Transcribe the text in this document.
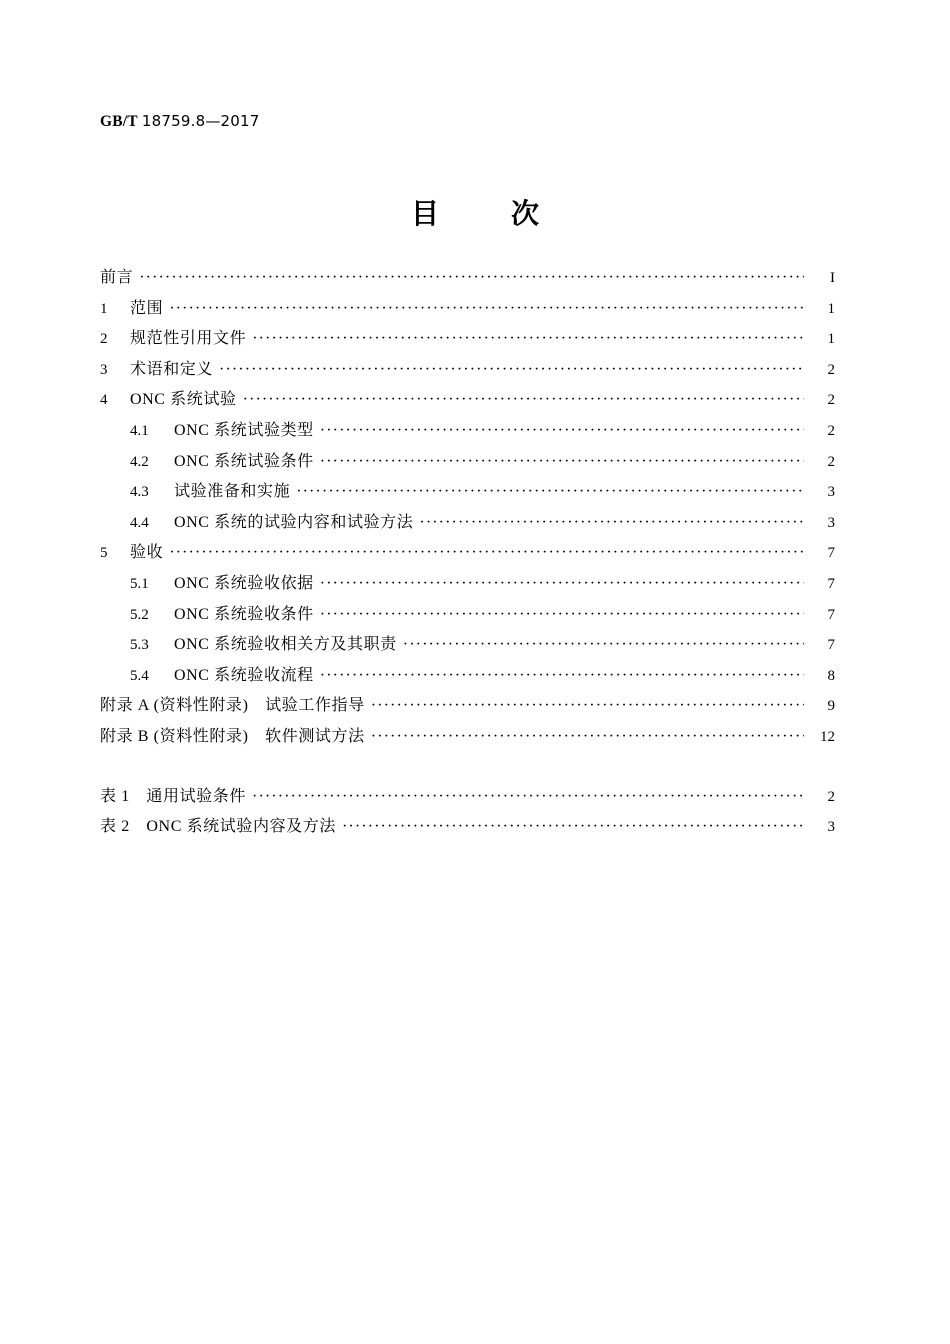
GB/T 18759.8—2017
目　次
前言 ·····	I
1	范围 ·····	1
2	规范性引用文件 ·····	1
3	术语和定义 ·····	2
4	ONC 系统试验 ·····	2
4.1	ONC 系统试验类型 ·····	2
4.2	ONC 系统试验条件 ·····	2
4.3	试验准备和实施 ·····	3
4.4	ONC 系统的试验内容和试验方法 ·····	3
5	验收 ·····	7
5.1	ONC 系统验收依据 ·····	7
5.2	ONC 系统验收条件 ·····	7
5.3	ONC 系统验收相关方及其职责 ·····	7
5.4	ONC 系统验收流程 ·····	8
附录 A (资料性附录)　试验工作指导 ·····	9
附录 B (资料性附录)　软件测试方法 ·····	12
表 1　通用试验条件 ·····	2
表 2　ONC 系统试验内容及方法 ·····	3
